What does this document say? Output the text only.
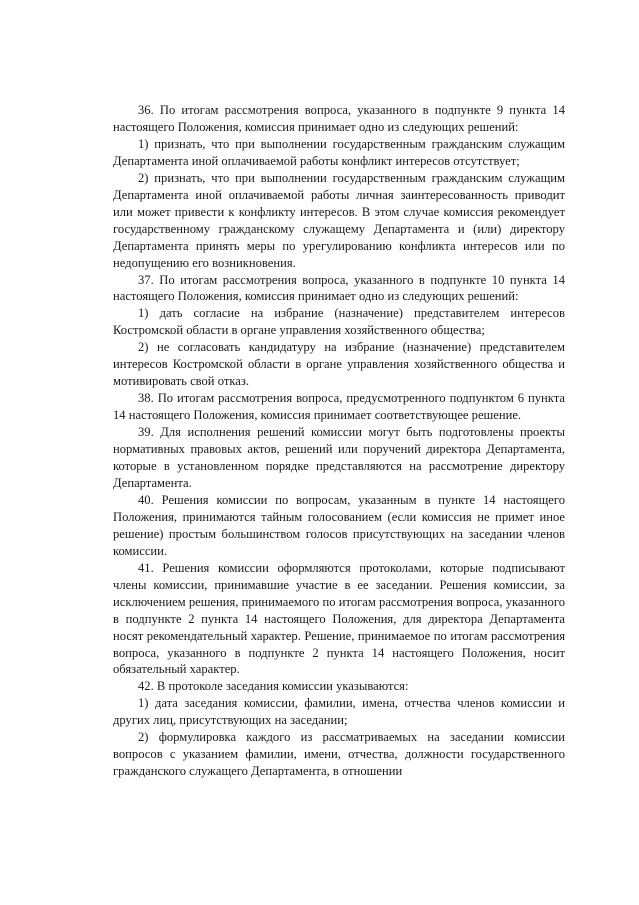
36. По итогам рассмотрения вопроса, указанного в подпункте 9 пункта 14 настоящего Положения, комиссия принимает одно из следующих решений:

1) признать, что при выполнении государственным гражданским служащим Департамента иной оплачиваемой работы конфликт интересов отсутствует;

2) признать, что при выполнении государственным гражданским служащим Департамента иной оплачиваемой работы личная заинтересованность приводит или может привести к конфликту интересов. В этом случае комиссия рекомендует государственному гражданскому служащему Департамента и (или) директору Департамента принять меры по урегулированию конфликта интересов или по недопущению его возникновения.

37. По итогам рассмотрения вопроса, указанного в подпункте 10 пункта 14 настоящего Положения, комиссия принимает одно из следующих решений:

1) дать согласие на избрание (назначение) представителем интересов Костромской области в органе управления хозяйственного общества;

2) не согласовать кандидатуру на избрание (назначение) представителем интересов Костромской области в органе управления хозяйственного общества и мотивировать свой отказ.

38. По итогам рассмотрения вопроса, предусмотренного подпунктом 6 пункта 14 настоящего Положения, комиссия принимает соответствующее решение.

39. Для исполнения решений комиссии могут быть подготовлены проекты нормативных правовых актов, решений или поручений директора Департамента, которые в установленном порядке представляются на рассмотрение директору Департамента.

40. Решения комиссии по вопросам, указанным в пункте 14 настоящего Положения, принимаются тайным голосованием (если комиссия не примет иное решение) простым большинством голосов присутствующих на заседании членов комиссии.

41. Решения комиссии оформляются протоколами, которые подписывают члены комиссии, принимавшие участие в ее заседании. Решения комиссии, за исключением решения, принимаемого по итогам рассмотрения вопроса, указанного в подпункте 2 пункта 14 настоящего Положения, для директора Департамента носят рекомендательный характер. Решение, принимаемое по итогам рассмотрения вопроса, указанного в подпункте 2 пункта 14 настоящего Положения, носит обязательный характер.

42. В протоколе заседания комиссии указываются:

1) дата заседания комиссии, фамилии, имена, отчества членов комиссии и других лиц, присутствующих на заседании;

2) формулировка каждого из рассматриваемых на заседании комиссии вопросов с указанием фамилии, имени, отчества, должности государственного гражданского служащего Департамента, в отношении
